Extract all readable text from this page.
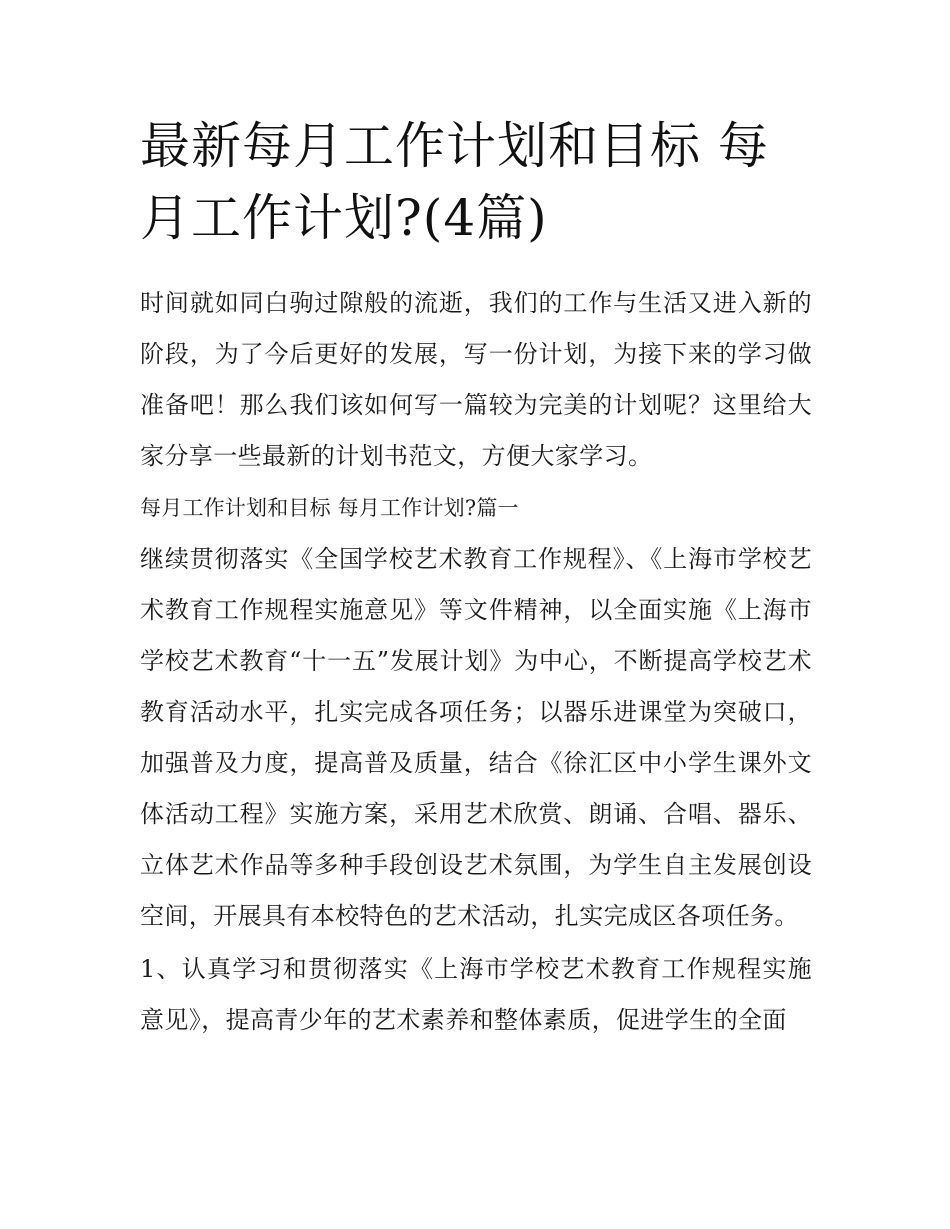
最新每月工作计划和目标 每月工作计划?(4篇)

时间就如同白驹过隙般的流逝，我们的工作与生活又进入新的阶段，为了今后更好的发展，写一份计划，为接下来的学习做准备吧！那么我们该如何写一篇较为完美的计划呢？这里给大家分享一些最新的计划书范文，方便大家学习。

每月工作计划和目标 每月工作计划?篇一

继续贯彻落实《全国学校艺术教育工作规程》、《上海市学校艺术教育工作规程实施意见》等文件精神，以全面实施《上海市学校艺术教育“十一五”发展计划》为中心，不断提高学校艺术教育活动水平，扎实完成各项任务；以器乐进课堂为突破口，加强普及力度，提高普及质量，结合《徐汇区中小学生课外文体活动工程》实施方案，采用艺术欣赏、朗诵、合唱、器乐、立体艺术作品等多种手段创设艺术氛围，为学生自主发展创设空间，开展具有本校特色的艺术活动，扎实完成区各项任务。

1、认真学习和贯彻落实《上海市学校艺术教育工作规程实施意见》，提高青少年的艺术素养和整体素质，促进学生的全面
